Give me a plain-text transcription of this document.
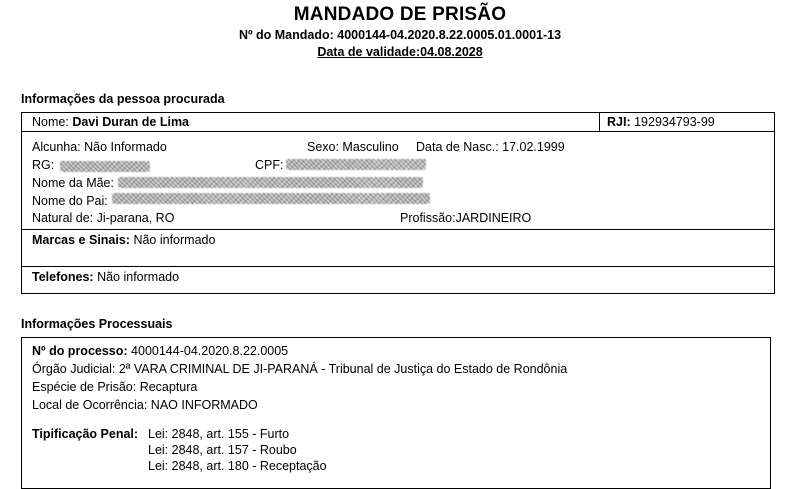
MANDADO DE PRISÃO
Nº do Mandado: 4000144-04.2020.8.22.0005.01.0001-13
Data de validade:04.08.2028
Informações da pessoa procurada
Nome: Davi Duran de Lima	RJI: 192934793-99
Alcunha: Não Informado	Sexo: Masculino Data de Nasc.: 17.02.1999
RG:	CPF:
Nome da Mãe:
Nome do Pai:
Natural de: Ji-parana, RO	Profissão:JARDINEIRO
Marcas e Sinais: Não informado
Telefones: Não informado
Informações Processuais
Nº do processo: 4000144-04.2020.8.22.0005
Órgão Judicial: 2ª VARA CRIMINAL DE JI-PARANÁ - Tribunal de Justiça do Estado de Rondônia
Espécie de Prisão: Recaptura
Local de Ocorrência: NAO INFORMADO
Tipificação Penal: Lei: 2848, art. 155 - Furto
Lei: 2848, art. 157 - Roubo
Lei: 2848, art. 180 - Receptação
